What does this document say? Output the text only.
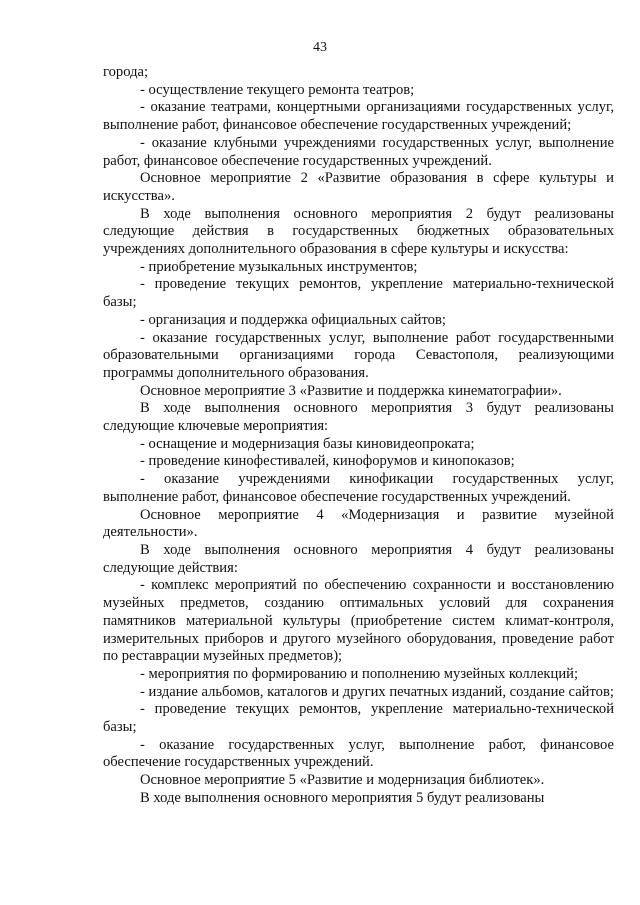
43

города;

- осуществление текущего ремонта театров;

- оказание театрами, концертными организациями государственных услуг, выполнение работ, финансовое обеспечение государственных учреждений;

- оказание клубными учреждениями государственных услуг, выполнение работ, финансовое обеспечение государственных учреждений.

Основное мероприятие 2 «Развитие образования в сфере культуры и искусства».

В ходе выполнения основного мероприятия 2 будут реализованы следующие действия в государственных бюджетных образовательных учреждениях дополнительного образования в сфере культуры и искусства:

- приобретение музыкальных инструментов;

- проведение текущих ремонтов, укрепление материально-технической базы;

- организация и поддержка официальных сайтов;

- оказание государственных услуг, выполнение работ государственными образовательными организациями города Севастополя, реализующими программы дополнительного образования.

Основное мероприятие 3 «Развитие и поддержка кинематографии».

В ходе выполнения основного мероприятия 3 будут реализованы следующие ключевые мероприятия:

- оснащение и модернизация базы киновидеопроката;

- проведение кинофестивалей, кинофорумов и кинопоказов;

- оказание учреждениями кинофикации государственных услуг, выполнение работ, финансовое обеспечение государственных учреждений.

Основное мероприятие 4 «Модернизация и развитие музейной деятельности».

В ходе выполнения основного мероприятия 4 будут реализованы следующие действия:

- комплекс мероприятий по обеспечению сохранности и восстановлению музейных предметов, созданию оптимальных условий для сохранения памятников материальной культуры (приобретение систем климат-контроля, измерительных приборов и другого музейного оборудования, проведение работ по реставрации музейных предметов);

- мероприятия по формированию и пополнению музейных коллекций;

- издание альбомов, каталогов и других печатных изданий, создание сайтов;

- проведение текущих ремонтов, укрепление материально-технической базы;

- оказание государственных услуг, выполнение работ, финансовое обеспечение государственных учреждений.

Основное мероприятие 5 «Развитие и модернизация библиотек».

В ходе выполнения основного мероприятия 5 будут реализованы
